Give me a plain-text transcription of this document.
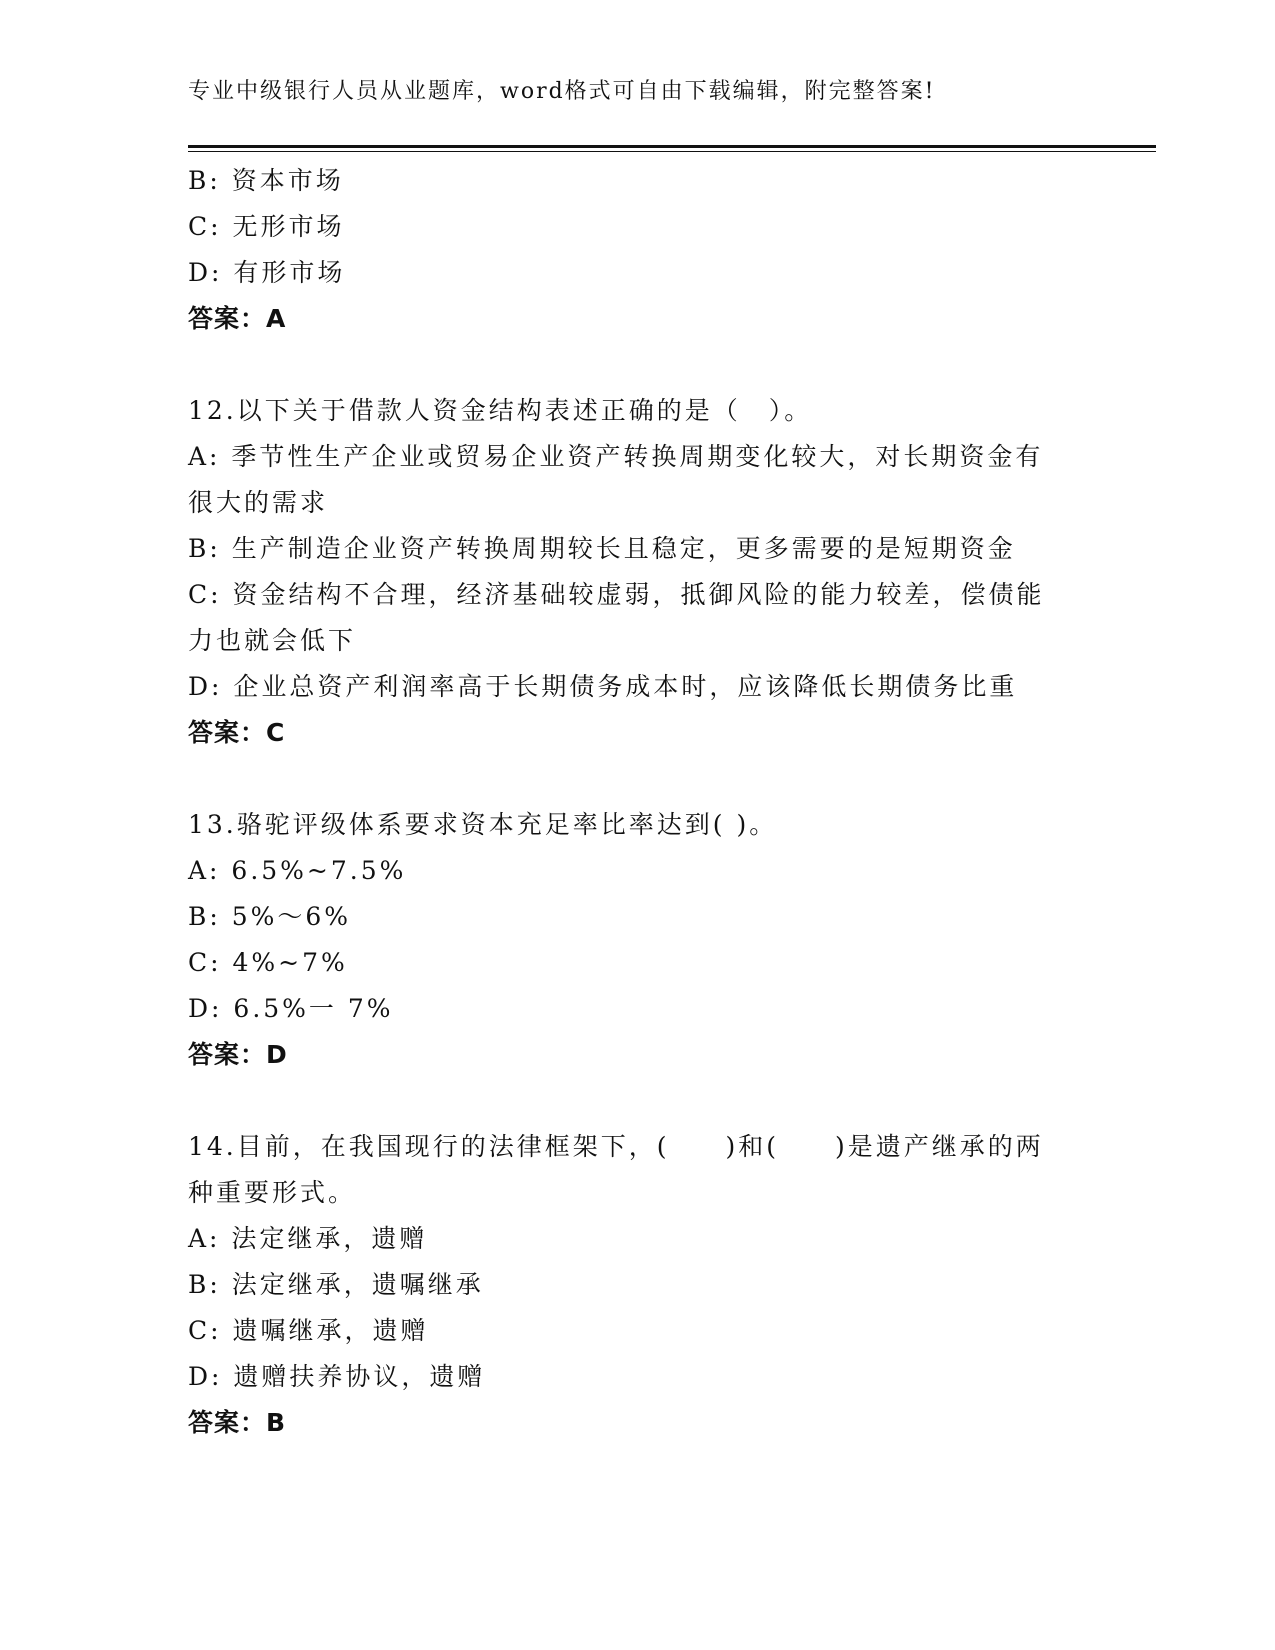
专业中级银行人员从业题库，word格式可自由下载编辑，附完整答案!
B: 资本市场
C: 无形市场
D: 有形市场
答案：A
12.以下关于借款人资金结构表述正确的是（　）。
A: 季节性生产企业或贸易企业资产转换周期变化较大，对长期资金有很大的需求
B: 生产制造企业资产转换周期较长且稳定，更多需要的是短期资金
C: 资金结构不合理，经济基础较虚弱，抵御风险的能力较差，偿债能力也就会低下
D: 企业总资产利润率高于长期债务成本时，应该降低长期债务比重
答案：C
13.骆驼评级体系要求资本充足率比率达到( )。
A: 6.5%~7.5%
B: 5%～6%
C: 4%~7%
D: 6.5%一 7%
答案：D
14.目前，在我国现行的法律框架下，(　　)和(　　)是遗产继承的两种重要形式。
A: 法定继承，遗赠
B: 法定继承，遗嘱继承
C: 遗嘱继承，遗赠
D: 遗赠扶养协议，遗赠
答案：B
